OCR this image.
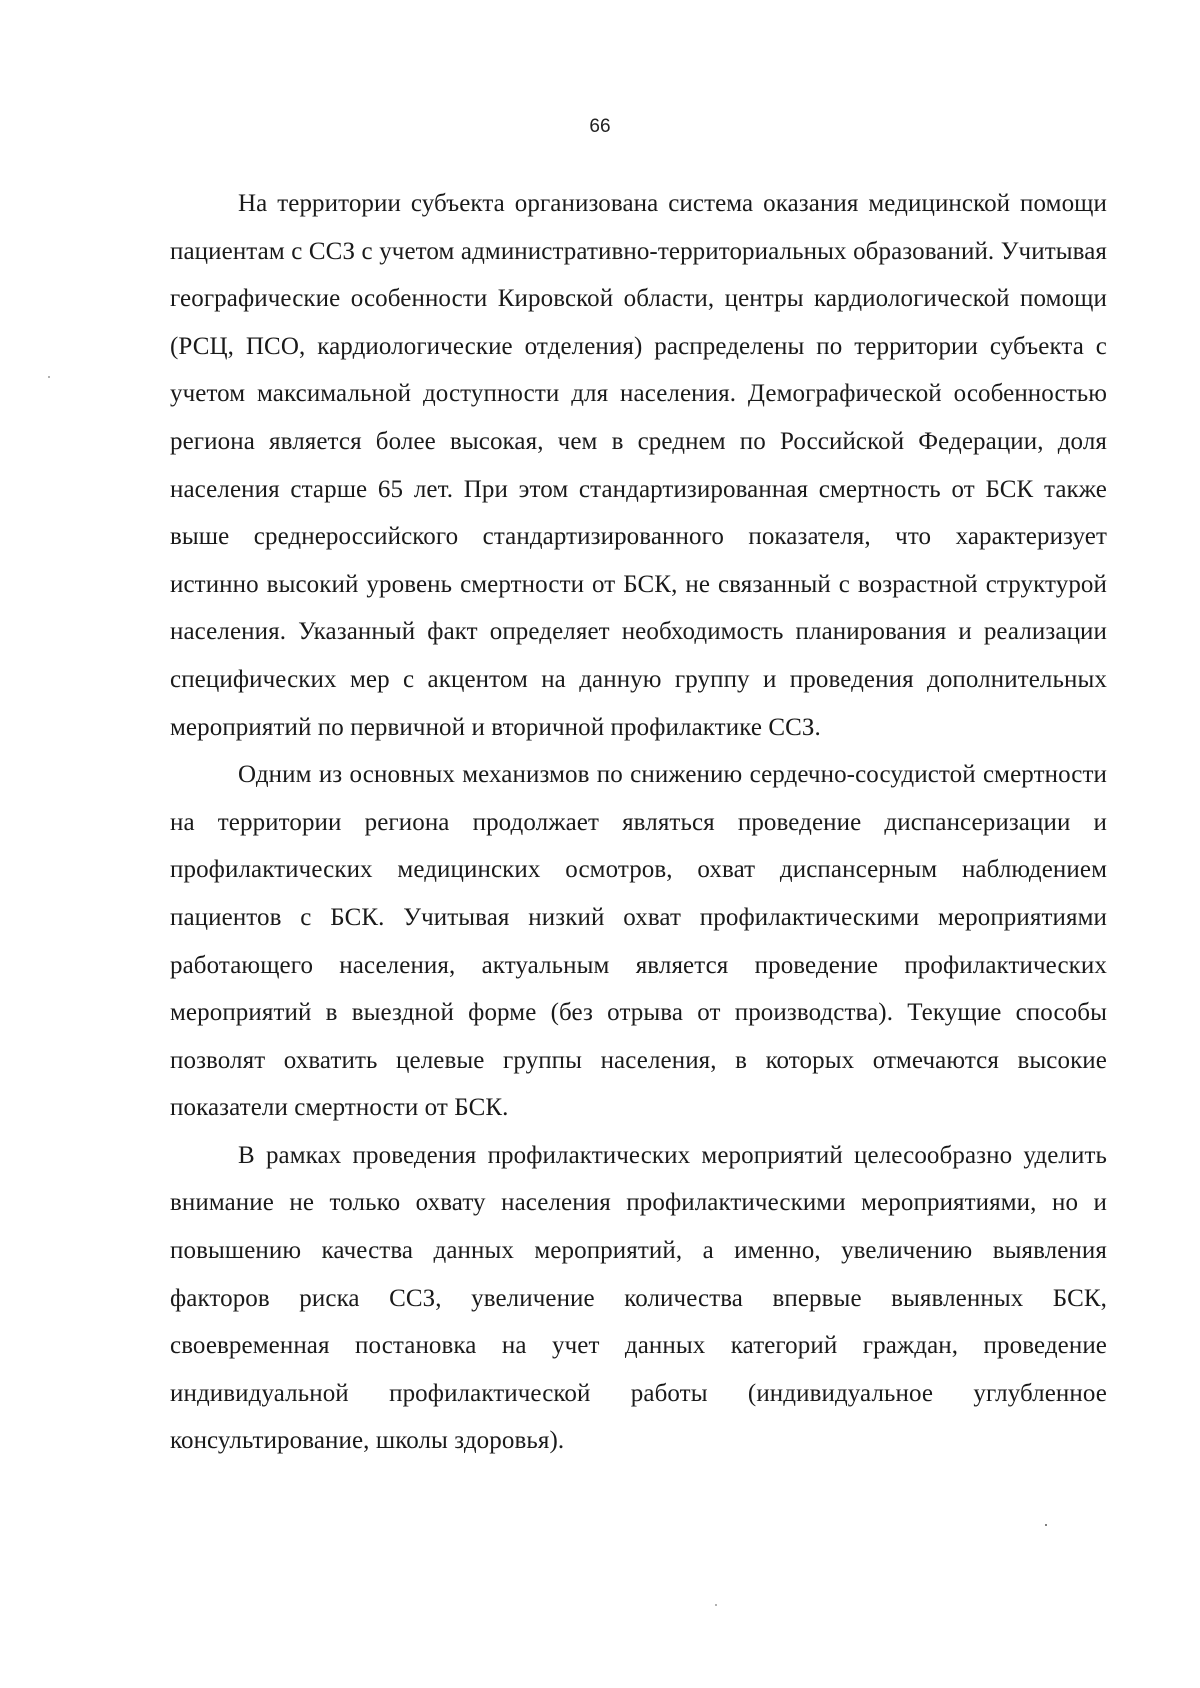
66

На территории субъекта организована система оказания медицинской помощи пациентам с ССЗ с учетом административно-территориальных образований. Учитывая географические особенности Кировской области, центры кардиологической помощи (РСЦ, ПСО, кардиологические отделения) распределены по территории субъекта с учетом максимальной доступности для населения. Демографической особенностью региона является более высокая, чем в среднем по Российской Федерации, доля населения старше 65 лет. При этом стандартизированная смертность от БСК также выше среднероссийского стандартизированного показателя, что характеризует истинно высокий уровень смертности от БСК, не связанный с возрастной структурой населения. Указанный факт определяет необходимость планирования и реализации специфических мер с акцентом на данную группу и проведения дополнительных мероприятий по первичной и вторичной профилактике ССЗ.

Одним из основных механизмов по снижению сердечно-сосудистой смертности на территории региона продолжает являться проведение диспансеризации и профилактических медицинских осмотров, охват диспансерным наблюдением пациентов с БСК. Учитывая низкий охват профилактическими мероприятиями работающего населения, актуальным является проведение профилактических мероприятий в выездной форме (без отрыва от производства). Текущие способы позволят охватить целевые группы населения, в которых отмечаются высокие показатели смертности от БСК.

В рамках проведения профилактических мероприятий целесообразно уделить внимание не только охвату населения профилактическими мероприятиями, но и повышению качества данных мероприятий, а именно, увеличению выявления факторов риска ССЗ, увеличение количества впервые выявленных БСК, своевременная постановка на учет данных категорий граждан, проведение индивидуальной профилактической работы (индивидуальное углубленное консультирование, школы здоровья).
